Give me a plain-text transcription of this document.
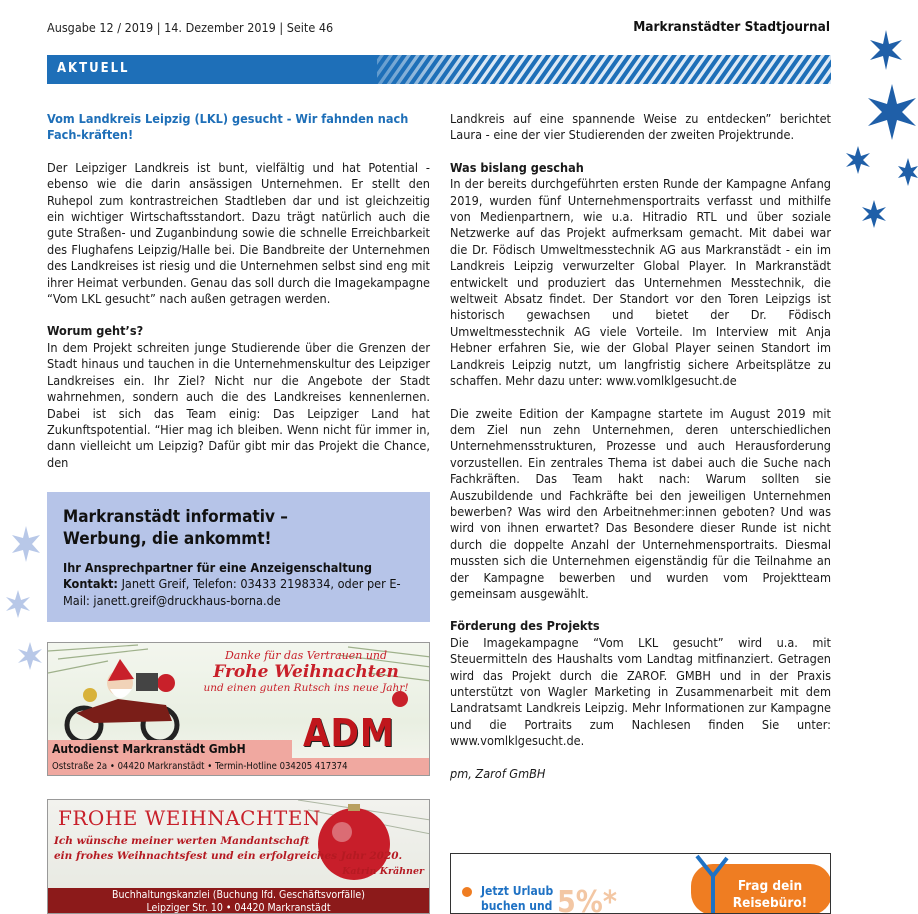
Ausgabe 12 / 2019 | 14. Dezember 2019 | Seite 46	Markranstädter Stadtjournal
AKTUELL
Vom Landkreis Leipzig (LKL) gesucht - Wir fahnden nach Fach-kräften!

Der Leipziger Landkreis ist bunt, vielfältig und hat Potential - ebenso wie die darin ansässigen Unternehmen. Er stellt den Ruhepol zum kontrastreichen Stadtleben dar und ist gleichzeitig ein wichtiger Wirtschaftsstandort. Dazu trägt natürlich auch die gute Straßen- und Zuganbindung sowie die schnelle Erreichbarkeit des Flughafens Leipzig/Halle bei. Die Bandbreite der Unternehmen des Landkreises ist riesig und die Unternehmen selbst sind eng mit ihrer Heimat verbunden. Genau das soll durch die Imagekampagne “Vom LKL gesucht” nach außen getragen werden.

Worum geht’s?

In dem Projekt schreiten junge Studierende über die Grenzen der Stadt hinaus und tauchen in die Unternehmenskultur des Leipziger Landkreises ein. Ihr Ziel? Nicht nur die Angebote der Stadt wahrnehmen, sondern auch die des Landkreises kennenlernen. Dabei ist sich das Team einig: Das Leipziger Land hat Zukunftspotential. “Hier mag ich bleiben. Wenn nicht für immer in, dann vielleicht um Leipzig? Dafür gibt mir das Projekt die Chance, den

Markranstädt informativ –
Werbung, die ankommt!
Ihr Ansprechpartner für eine Anzeigenschaltung
Kontakt: Janett Greif, Telefon: 03433 2198334, oder per E-Mail: janett.greif@druckhaus-borna.de
Danke für das Vertrauen und
Frohe Weihnachten
und einen guten Rutsch ins neue Jahr!
ADM
Autodienst Markranstädt GmbH
Oststraße 2a • 04420 Markranstädt • Termin-Hotline 034205 417374
FROHE WEIHNACHTEN
Ich wünsche meiner werten Mandantschaft
ein frohes Weihnachtsfest und ein erfolgreiches Jahr 2020.
Katrin Krähner
Buchhaltungskanzlei (Buchung lfd. Geschäftsvorfälle)
Leipziger Str. 10 • 04420 Markranstädt

Landkreis auf eine spannende Weise zu entdecken” berichtet Laura - eine der vier Studierenden der zweiten Projektrunde.

Was bislang geschah

In der bereits durchgeführten ersten Runde der Kampagne Anfang 2019, wurden fünf Unternehmensportraits verfasst und mithilfe von Medienpartnern, wie u.a. Hitradio RTL und über soziale Netzwerke auf das Projekt aufmerksam gemacht. Mit dabei war die Dr. Födisch Umweltmesstechnik AG aus Markranstädt - ein im Landkreis Leipzig verwurzelter Global Player. In Markranstädt entwickelt und produziert das Unternehmen Messtechnik, die weltweit Absatz findet. Der Standort vor den Toren Leipzigs ist historisch gewachsen und bietet der Dr. Födisch Umweltmesstechnik AG viele Vorteile. Im Interview mit Anja Hebner erfahren Sie, wie der Global Player seinen Standort im Landkreis Leipzig nutzt, um langfristig sichere Arbeitsplätze zu schaffen. Mehr dazu unter: www.vomlklgesucht.de

Die zweite Edition der Kampagne startete im August 2019 mit dem Ziel nun zehn Unternehmen, deren unterschiedlichen Unternehmensstrukturen, Prozesse und auch Herausforderung vorzustellen. Ein zentrales Thema ist dabei auch die Suche nach Fachkräften. Das Team hakt nach: Warum sollten sie Auszubildende und Fachkräfte bei den jeweiligen Unternehmen bewerben? Was wird den Arbeitnehmer:innen geboten? Und was wird von ihnen erwartet? Das Besondere dieser Runde ist nicht durch die doppelte Anzahl der Unternehmensportraits. Diesmal mussten sich die Unternehmen eigenständig für die Teilnahme an der Kampagne bewerben und wurden vom Projektteam gemeinsam ausgewählt.

Förderung des Projekts

Die Imagekampagne “Vom LKL gesucht” wird u.a. mit Steuermitteln des Haushalts vom Landtag mitfinanziert. Getragen wird das Projekt durch die ZAROF. GMBH und in der Praxis unterstützt von Wagler Marketing in Zusammenarbeit mit dem Landratsamt Landkreis Leipzig. Mehr Informationen zur Kampagne und die Portraits zum Nachlesen finden Sie unter: www.vomlklgesucht.de.

pm, Zarof GmBH

Jetzt Urlaub
buchen und 5%*	Frag dein
Reisebüro!
